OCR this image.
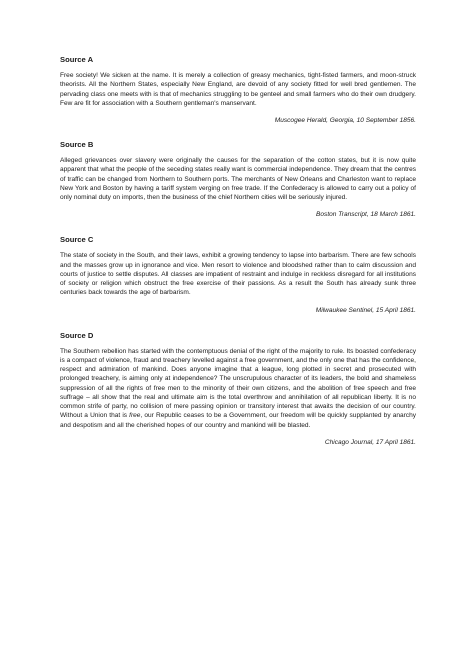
Source A

Free society! We sicken at the name. It is merely a collection of greasy mechanics, tight-fisted farmers, and moon-struck theorists. All the Northern States, especially New England, are devoid of any society fitted for well bred gentlemen. The pervading class one meets with is that of mechanics struggling to be genteel and small farmers who do their own drudgery. Few are fit for association with a Southern gentleman's manservant.

Muscogee Herald, Georgia, 10 September 1856.

Source B

Alleged grievances over slavery were originally the causes for the separation of the cotton states, but it is now quite apparent that what the people of the seceding states really want is commercial independence. They dream that the centres of traffic can be changed from Northern to Southern ports. The merchants of New Orleans and Charleston want to replace New York and Boston by having a tariff system verging on free trade. If the Confederacy is allowed to carry out a policy of only nominal duty on imports, then the business of the chief Northern cities will be seriously injured.

Boston Transcript, 18 March 1861.

Source C

The state of society in the South, and their laws, exhibit a growing tendency to lapse into barbarism. There are few schools and the masses grow up in ignorance and vice. Men resort to violence and bloodshed rather than to calm discussion and courts of justice to settle disputes. All classes are impatient of restraint and indulge in reckless disregard for all institutions of society or religion which obstruct the free exercise of their passions. As a result the South has already sunk three centuries back towards the age of barbarism.

Milwaukee Sentinel, 15 April 1861.

Source D

The Southern rebellion has started with the contemptuous denial of the right of the majority to rule. Its boasted confederacy is a compact of violence, fraud and treachery levelled against a free government, and the only one that has the confidence, respect and admiration of mankind. Does anyone imagine that a league, long plotted in secret and prosecuted with prolonged treachery, is aiming only at independence? The unscrupulous character of its leaders, the bold and shameless suppression of all the rights of free men to the minority of their own citizens, and the abolition of free speech and free suffrage – all show that the real and ultimate aim is the total overthrow and annihilation of all republican liberty. It is no common strife of party, no collision of mere passing opinion or transitory interest that awaits the decision of our country. Without a Union that is free, our Republic ceases to be a Government, our freedom will be quickly supplanted by anarchy and despotism and all the cherished hopes of our country and mankind will be blasted.

Chicago Journal, 17 April 1861.
